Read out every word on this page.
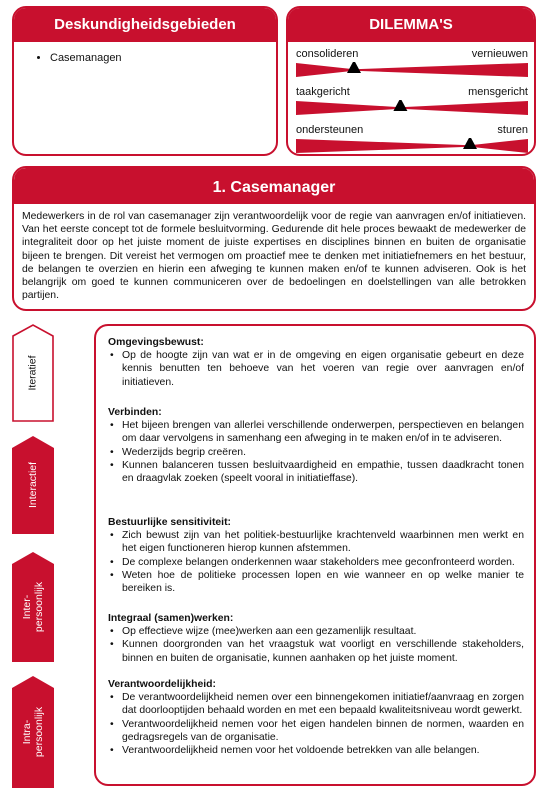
Deskundigheidsgebieden
• Casemanagen
DILEMMA'S
consolideren	vernieuwen
taakgericht	mensgericht
ondersteunen	sturen
1. Casemanager
Medewerkers in de rol van casemanager zijn verantwoordelijk voor de regie van aanvragen en/of initiatieven. Van het eerste concept tot de formele besluitvorming. Gedurende dit hele proces bewaakt de medewerker de integraliteit door op het juiste moment de juiste expertises en disciplines binnen en buiten de organisatie bijeen te brengen. Dit vereist het vermogen om proactief mee te denken met initiatiefnemers en het bestuur, de belangen te overzien en hierin een afweging te kunnen maken en/of te kunnen adviseren. Ook is het belangrijk om goed te kunnen communiceren over de bedoelingen en doelstellingen van alle betrokken partijen.
Iteratief
Interactief
Inter-
persoonlijk
Intra-
persoonlijk
Omgevingsbewust:
• Op de hoogte zijn van wat er in de omgeving en eigen organisatie gebeurt en deze kennis benutten ten behoeve van het voeren van regie over aanvragen en/of initiatieven.
Verbinden:
• Het bijeen brengen van allerlei verschillende onderwerpen, perspectieven en belangen om daar vervolgens in samenhang een afweging in te maken en/of in te adviseren.
• Wederzijds begrip creëren.
• Kunnen balanceren tussen besluitvaardigheid en empathie, tussen daadkracht tonen en draagvlak zoeken (speelt vooral in initiatieffase).
Bestuurlijke sensitiviteit:
• Zich bewust zijn van het politiek-bestuurlijke krachtenveld waarbinnen men werkt en het eigen functioneren hierop kunnen afstemmen.
• De complexe belangen onderkennen waar stakeholders mee geconfronteerd worden.
• Weten hoe de politieke processen lopen en wie wanneer en op welke manier te bereiken is.
Integraal (samen)werken:
• Op effectieve wijze (mee)werken aan een gezamenlijk resultaat.
• Kunnen doorgronden van het vraagstuk wat voorligt en verschillende stakeholders, binnen en buiten de organisatie, kunnen aanhaken op het juiste moment.
Verantwoordelijkheid:
• De verantwoordelijkheid nemen over een binnengekomen initiatief/aanvraag en zorgen dat doorlooptijden behaald worden en met een bepaald kwaliteitsniveau wordt gewerkt.
• Verantwoordelijkheid nemen voor het eigen handelen binnen de normen, waarden en gedragsregels van de organisatie.
• Verantwoordelijkheid nemen voor het voldoende betrekken van alle belangen.
